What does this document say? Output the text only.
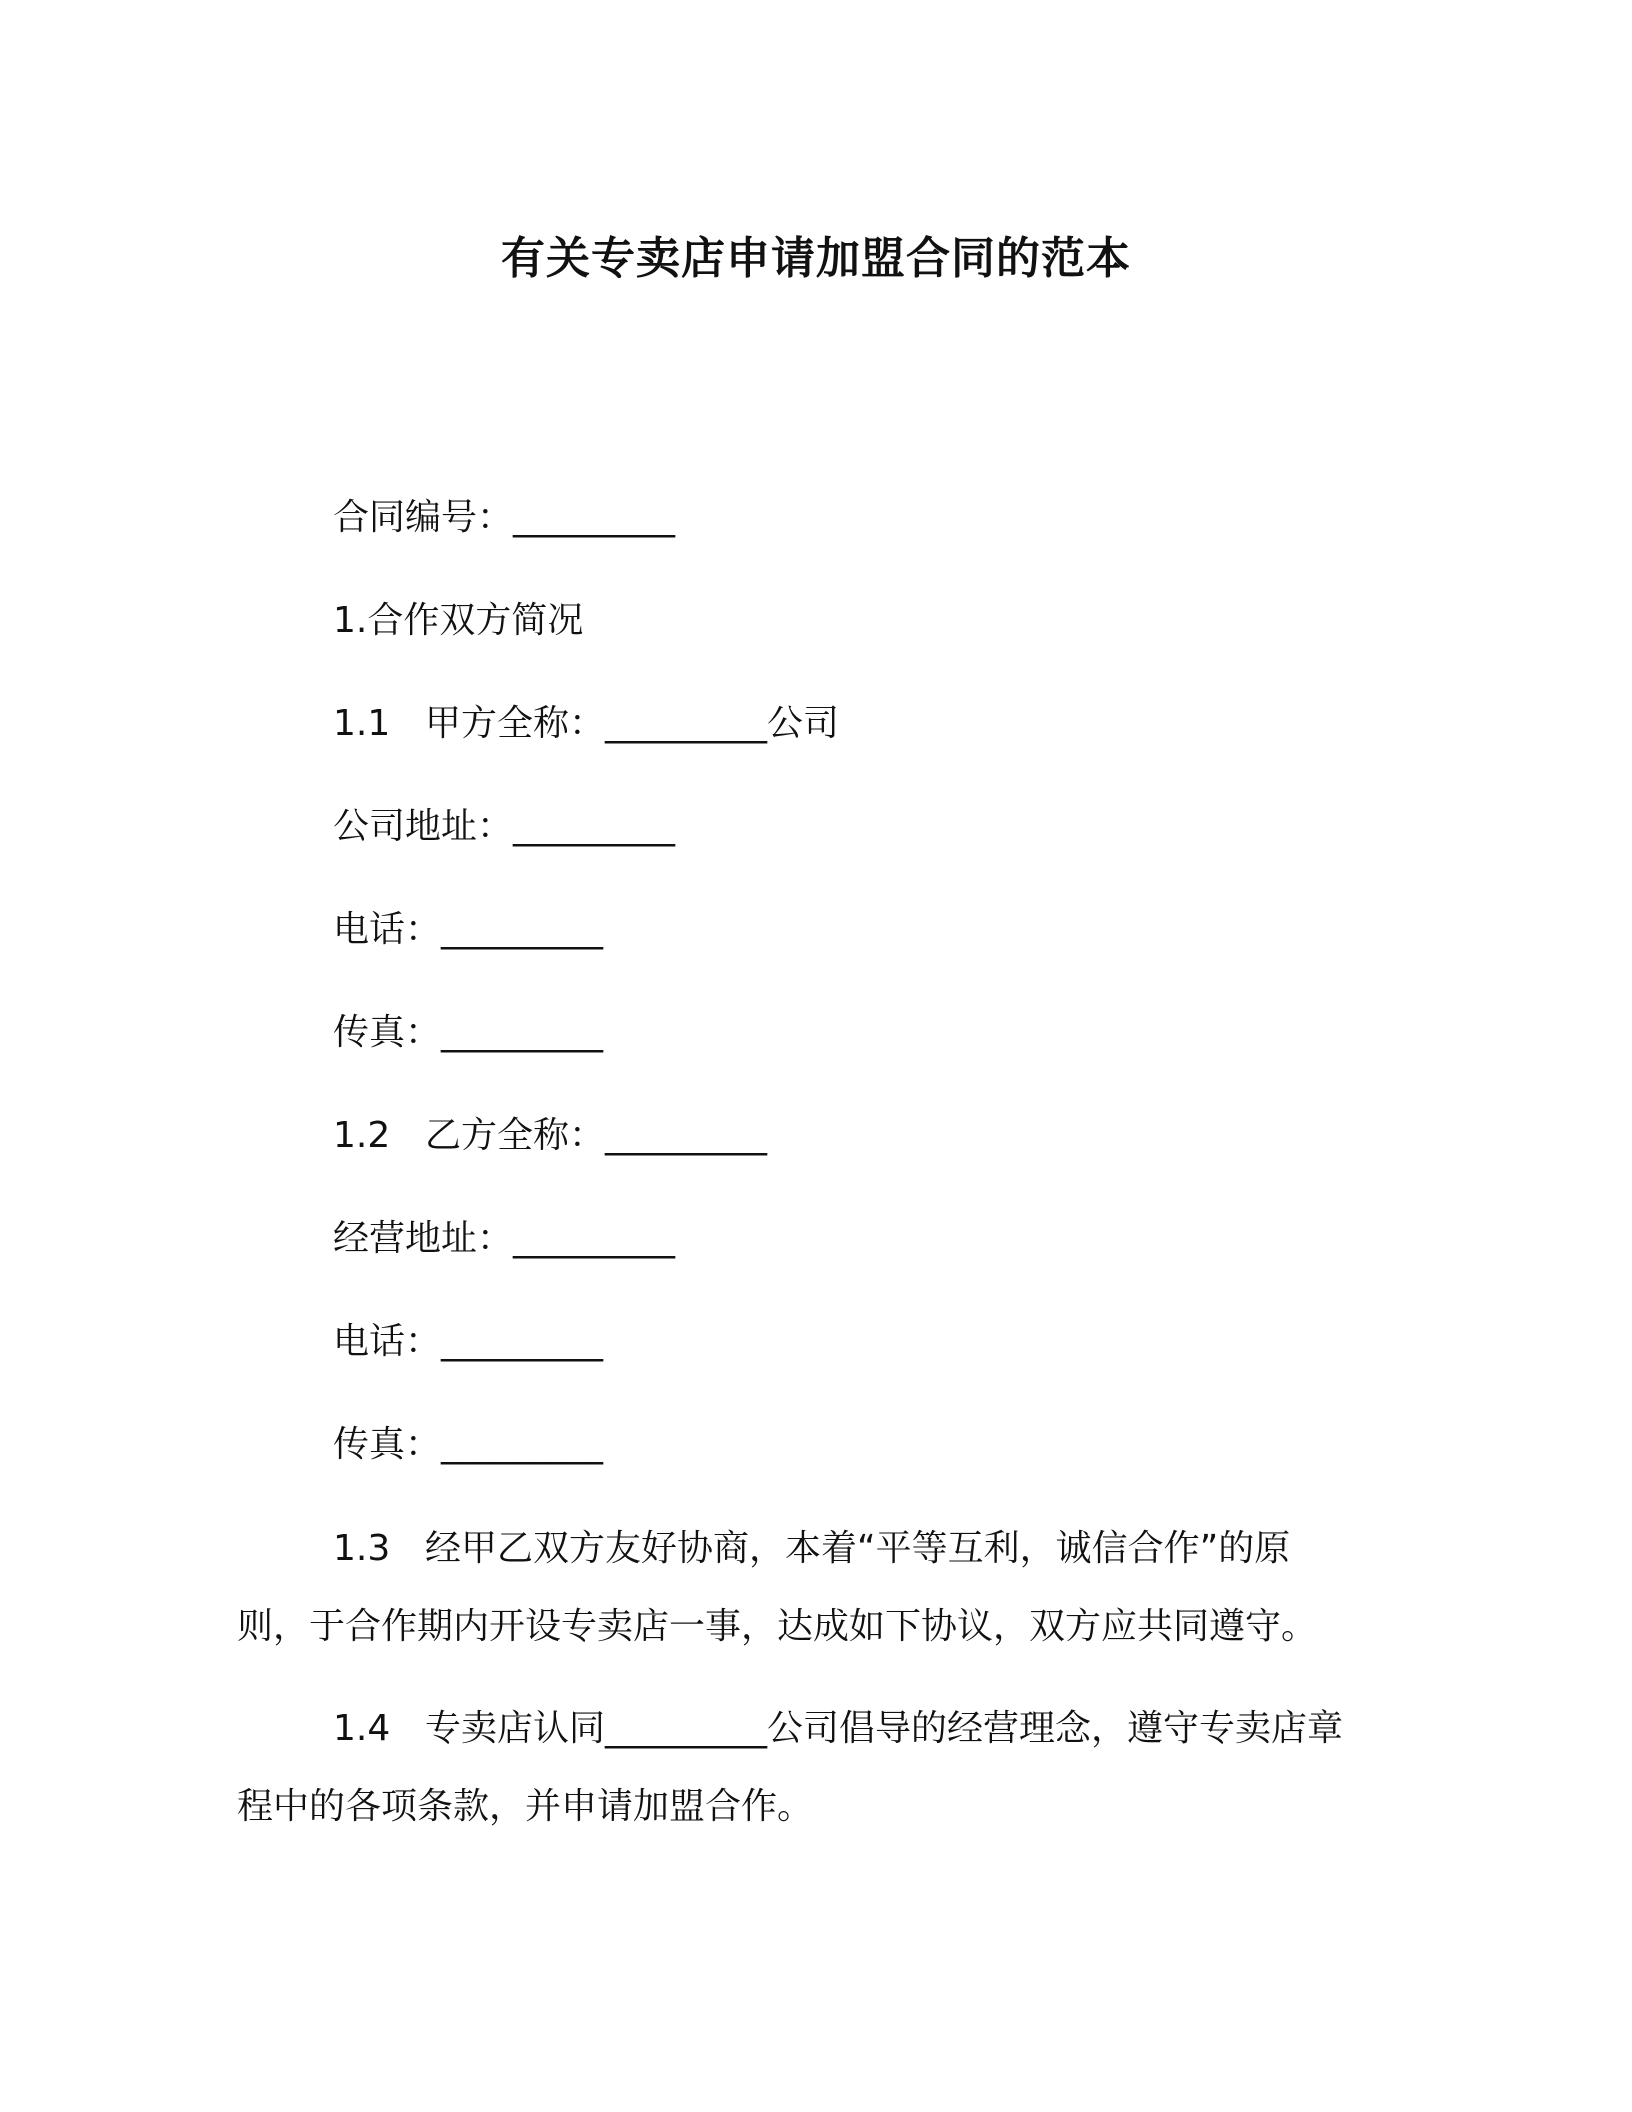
有关专卖店申请加盟合同的范本
合同编号：_________
1.合作双方简况
1.1 甲方全称：_________公司
公司地址：_________
电话：_________
传真：_________
1.2 乙方全称：_________
经营地址：_________
电话：_________
传真：_________
1.3 经甲乙双方友好协商，本着“平等互利，诚信合作”的原则，于合作期内开设专卖店一事，达成如下协议，双方应共同遵守。
1.4 专卖店认同_________公司倡导的经营理念，遵守专卖店章程中的各项条款，并申请加盟合作。
